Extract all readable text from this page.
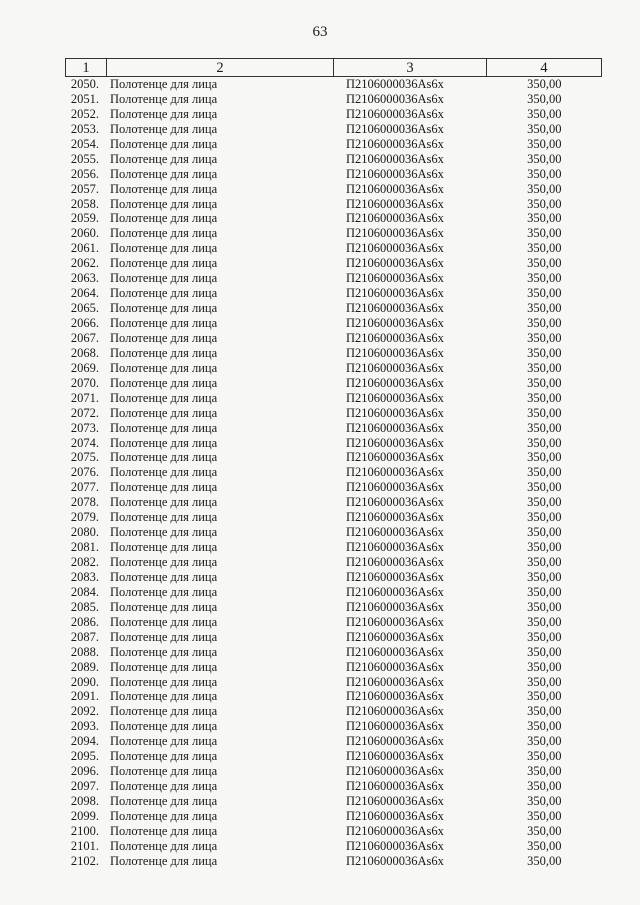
63
1	2	3	4
2050.	Полотенце для лица	П2106000036Аs6x	350,00
2051.	Полотенце для лица	П2106000036Аs6x	350,00
2052.	Полотенце для лица	П2106000036Аs6x	350,00
2053.	Полотенце для лица	П2106000036Аs6x	350,00
2054.	Полотенце для лица	П2106000036Аs6x	350,00
2055.	Полотенце для лица	П2106000036Аs6x	350,00
2056.	Полотенце для лица	П2106000036Аs6x	350,00
2057.	Полотенце для лица	П2106000036Аs6x	350,00
2058.	Полотенце для лица	П2106000036Аs6x	350,00
2059.	Полотенце для лица	П2106000036Аs6x	350,00
2060.	Полотенце для лица	П2106000036Аs6x	350,00
2061.	Полотенце для лица	П2106000036Аs6x	350,00
2062.	Полотенце для лица	П2106000036Аs6x	350,00
2063.	Полотенце для лица	П2106000036Аs6x	350,00
2064.	Полотенце для лица	П2106000036Аs6x	350,00
2065.	Полотенце для лица	П2106000036Аs6x	350,00
2066.	Полотенце для лица	П2106000036Аs6x	350,00
2067.	Полотенце для лица	П2106000036Аs6x	350,00
2068.	Полотенце для лица	П2106000036Аs6x	350,00
2069.	Полотенце для лица	П2106000036Аs6x	350,00
2070.	Полотенце для лица	П2106000036Аs6x	350,00
2071.	Полотенце для лица	П2106000036Аs6x	350,00
2072.	Полотенце для лица	П2106000036Аs6x	350,00
2073.	Полотенце для лица	П2106000036Аs6x	350,00
2074.	Полотенце для лица	П2106000036Аs6x	350,00
2075.	Полотенце для лица	П2106000036Аs6x	350,00
2076.	Полотенце для лица	П2106000036Аs6x	350,00
2077.	Полотенце для лица	П2106000036Аs6x	350,00
2078.	Полотенце для лица	П2106000036Аs6x	350,00
2079.	Полотенце для лица	П2106000036Аs6x	350,00
2080.	Полотенце для лица	П2106000036Аs6x	350,00
2081.	Полотенце для лица	П2106000036Аs6x	350,00
2082.	Полотенце для лица	П2106000036Аs6x	350,00
2083.	Полотенце для лица	П2106000036Аs6x	350,00
2084.	Полотенце для лица	П2106000036Аs6x	350,00
2085.	Полотенце для лица	П2106000036Аs6x	350,00
2086.	Полотенце для лица	П2106000036Аs6x	350,00
2087.	Полотенце для лица	П2106000036Аs6x	350,00
2088.	Полотенце для лица	П2106000036Аs6x	350,00
2089.	Полотенце для лица	П2106000036Аs6x	350,00
2090.	Полотенце для лица	П2106000036Аs6x	350,00
2091.	Полотенце для лица	П2106000036Аs6x	350,00
2092.	Полотенце для лица	П2106000036Аs6x	350,00
2093.	Полотенце для лица	П2106000036Аs6x	350,00
2094.	Полотенце для лица	П2106000036Аs6x	350,00
2095.	Полотенце для лица	П2106000036Аs6x	350,00
2096.	Полотенце для лица	П2106000036Аs6x	350,00
2097.	Полотенце для лица	П2106000036Аs6x	350,00
2098.	Полотенце для лица	П2106000036Аs6x	350,00
2099.	Полотенце для лица	П2106000036Аs6x	350,00
2100.	Полотенце для лица	П2106000036Аs6x	350,00
2101.	Полотенце для лица	П2106000036Аs6x	350,00
2102.	Полотенце для лица	П2106000036Аs6x	350,00
